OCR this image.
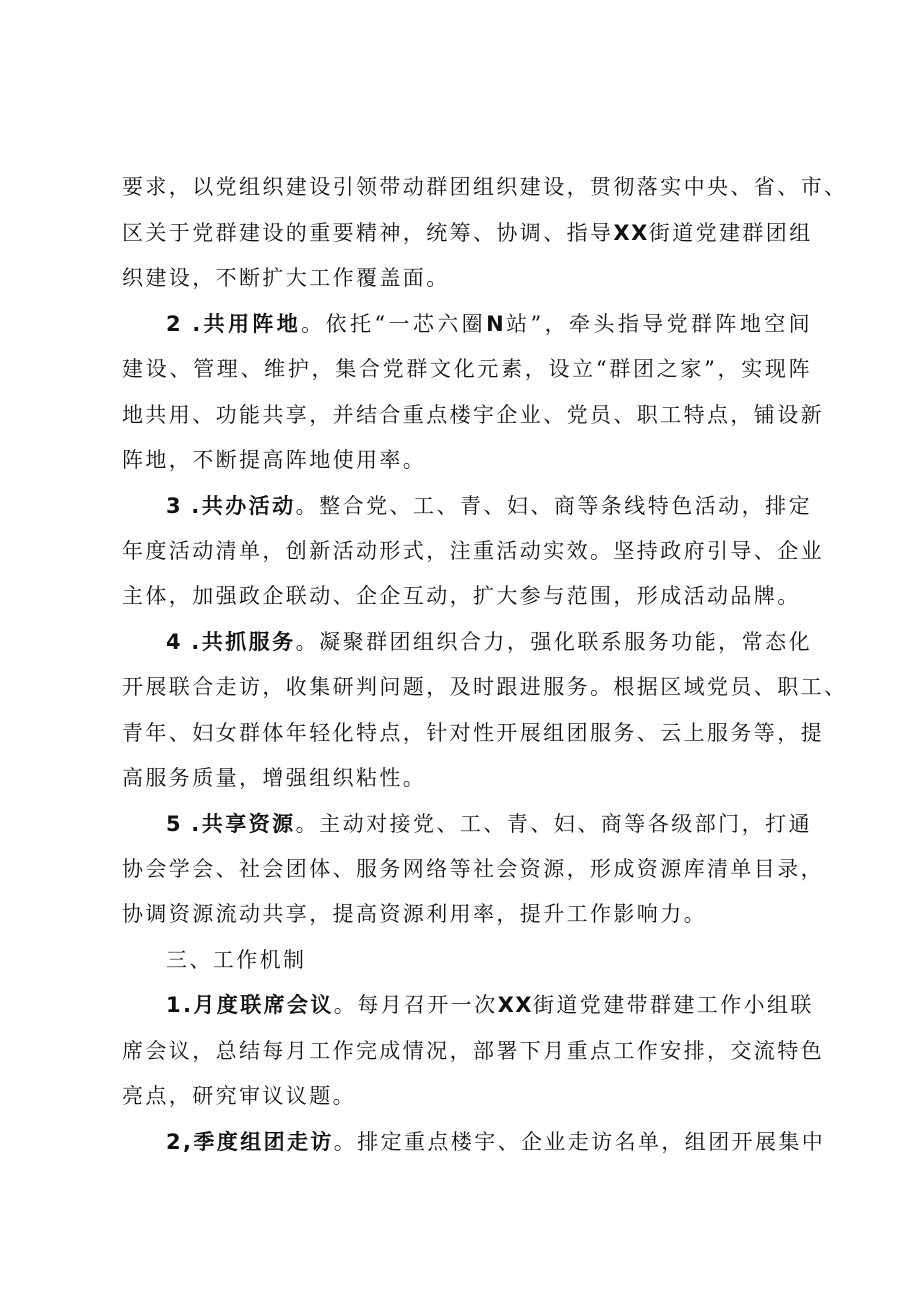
要求，以党组织建设引领带动群团组织建设，贯彻落实中央、省、市、
区关于党群建设的重要精神，统筹、协调、指导XX街道党建群团组
织建设，不断扩大工作覆盖面。
2 .共用阵地。依托“一芯六圈N站”，牵头指导党群阵地空间
建设、管理、维护，集合党群文化元素，设立“群团之家”，实现阵
地共用、功能共享，并结合重点楼宇企业、党员、职工特点，铺设新
阵地，不断提高阵地使用率。
3 .共办活动。整合党、工、青、妇、商等条线特色活动，排定
年度活动清单，创新活动形式，注重活动实效。坚持政府引导、企业
主体，加强政企联动、企企互动，扩大参与范围，形成活动品牌。
4 .共抓服务。凝聚群团组织合力，强化联系服务功能，常态化
开展联合走访，收集研判问题，及时跟进服务。根据区域党员、职工、
青年、妇女群体年轻化特点，针对性开展组团服务、云上服务等，提
高服务质量，增强组织粘性。
5 .共享资源。主动对接党、工、青、妇、商等各级部门，打通
协会学会、社会团体、服务网络等社会资源，形成资源库清单目录，
协调资源流动共享，提高资源利用率，提升工作影响力。
三、工作机制
1.月度联席会议。每月召开一次XX街道党建带群建工作小组联
席会议，总结每月工作完成情况，部署下月重点工作安排，交流特色
亮点，研究审议议题。
2,季度组团走访。排定重点楼宇、企业走访名单，组团开展集中
